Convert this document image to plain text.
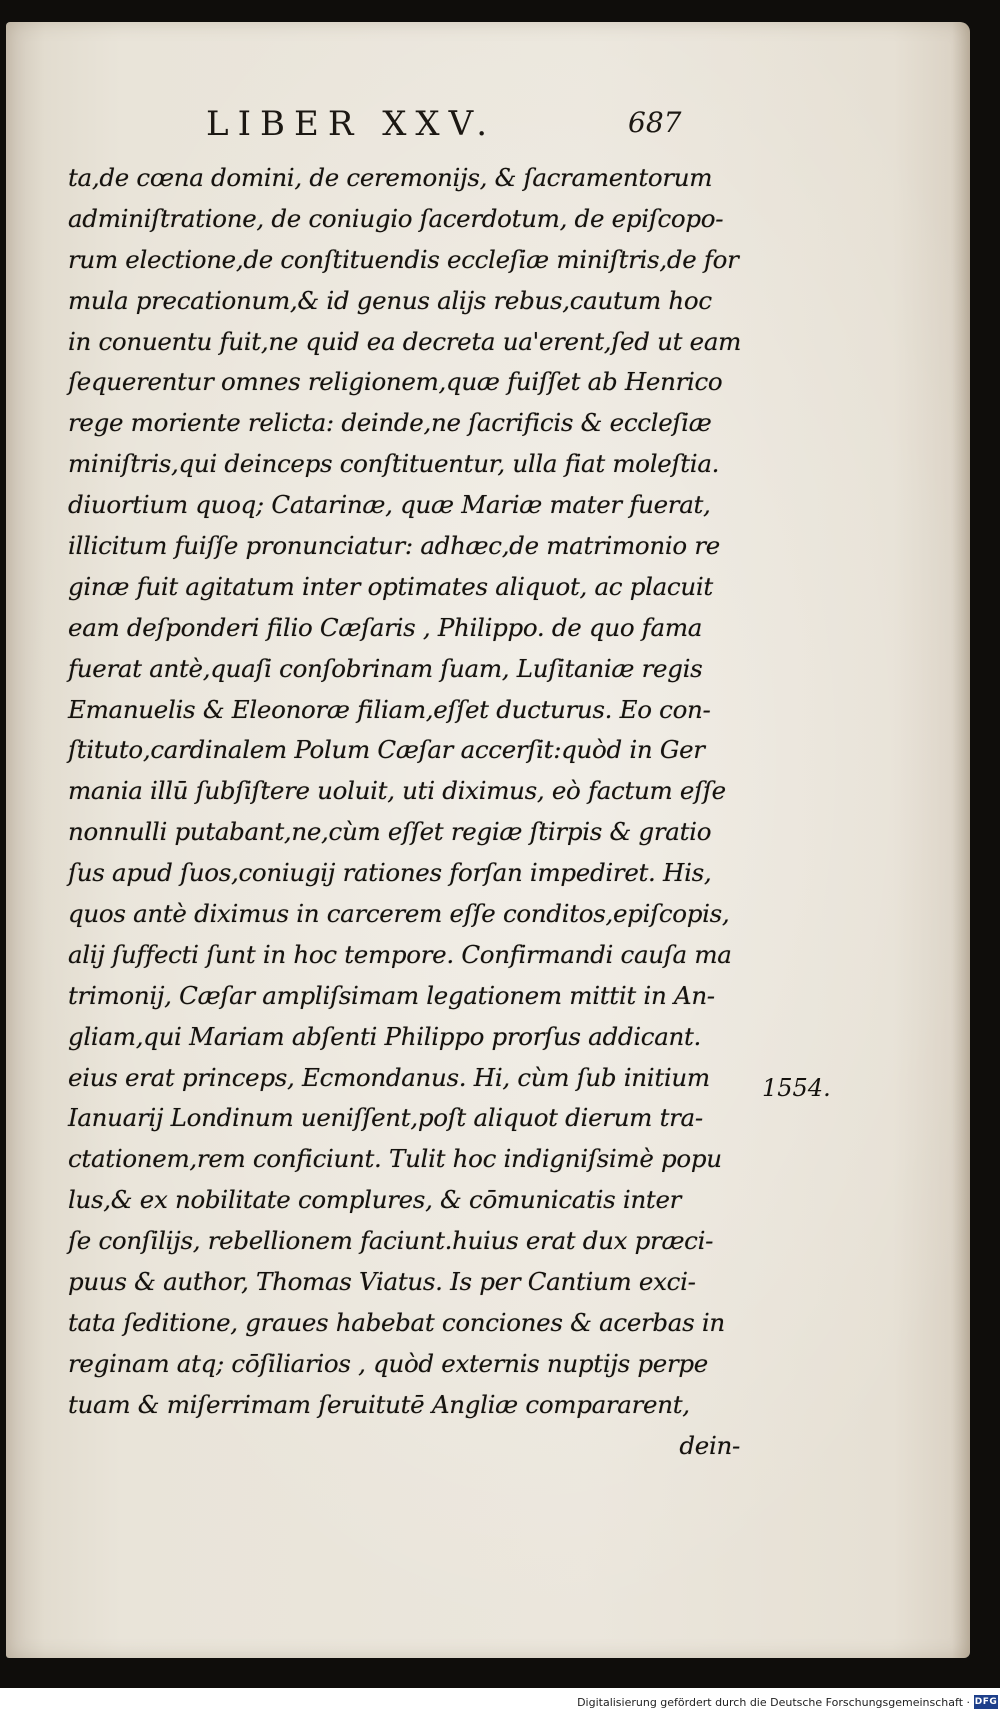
LIBER XXV.	687
ta,de cœna domini, de ceremonijs, & ſacramentorum
adminiſtratione, de coniugio ſacerdotum, de epiſcopo-
rum electione,de conſtituendis eccleſiæ miniſtris,de for
mula precationum,& id genus alijs rebus,cautum hoc
in conuentu fuit,ne quid ea decreta ua'erent,ſed ut eam
ſequerentur omnes religionem,quæ fuiſſet ab Henrico
rege moriente relicta: deinde,ne ſacrificis & eccleſiæ
miniſtris,qui deinceps conſtituentur, ulla fiat moleſtia.
diuortium quoq; Catarinæ, quæ Mariæ mater fuerat,
illicitum fuiſſe pronunciatur: adhæc,de matrimonio re
ginæ fuit agitatum inter optimates aliquot, ac placuit
eam deſponderi filio Cæſaris , Philippo. de quo fama
fuerat antè,quaſi conſobrinam ſuam, Luſitaniæ regis
Emanuelis & Eleonoræ filiam,eſſet ducturus. Eo con-
ſtituto,cardinalem Polum Cæſar accerſit:quòd in Ger
mania illū ſubſiſtere uoluit, uti diximus, eò factum eſſe
nonnulli putabant,ne,cùm eſſet regiæ ſtirpis & gratio
ſus apud ſuos,coniugij rationes forſan impediret. His,
quos antè diximus in carcerem eſſe conditos,epiſcopis,
alij ſuffecti ſunt in hoc tempore. Confirmandi cauſa ma
trimonij, Cæſar ampliſsimam legationem mittit in An-
gliam,qui Mariam abſenti Philippo prorſus addicant.
eius erat princeps, Ecmondanus. Hi, cùm ſub initium
Ianuarij Londinum ueniſſent,poſt aliquot dierum tra-
ctationem,rem conficiunt. Tulit hoc indigniſsimè popu
lus,& ex nobilitate complures, & cōmunicatis inter
ſe conſilijs, rebellionem faciunt.huius erat dux præci-
puus & author, Thomas Viatus. Is per Cantium exci-
tata ſeditione, graues habebat conciones & acerbas in
reginam atq; cōſiliarios , quòd externis nuptijs perpe
tuam & miſerrimam ſeruitutē Angliæ compararent,
dein-
1554.
Digitalisierung gefördert durch die Deutsche Forschungsgemeinschaft · DFG
